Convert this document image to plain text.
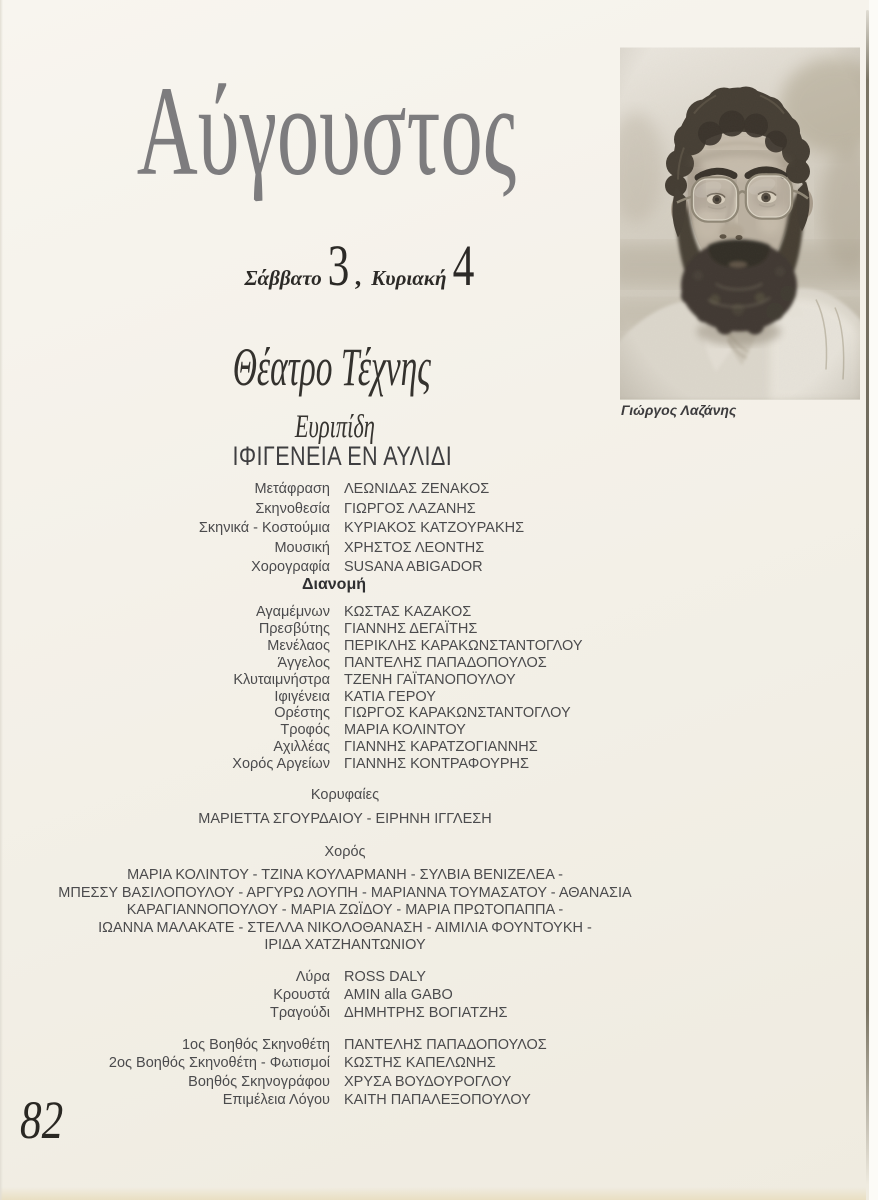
Αύγουστος
Σάββατο 3 , Κυριακή 4
Θέατρο Τέχνης
Ευριπίδη
ΙΦΙΓΕΝΕΙΑ ΕΝ ΑΥΛΙΔΙ
Μετάφραση ΛΕΩΝΙΔΑΣ ΖΕΝΑΚΟΣ
Σκηνοθεσία ΓΙΩΡΓΟΣ ΛΑΖΑΝΗΣ
Σκηνικά - Κοστούμια ΚΥΡΙΑΚΟΣ ΚΑΤΖΟΥΡΑΚΗΣ
Μουσική ΧΡΗΣΤΟΣ ΛΕΟΝΤΗΣ
Χορογραφία SUSANA ABIGADOR
Διανομή
Αγαμέμνων ΚΩΣΤΑΣ ΚΑΖΑΚΟΣ
Πρεσβύτης ΓΙΑΝΝΗΣ ΔΕΓΑΪΤΗΣ
Μενέλαος ΠΕΡΙΚΛΗΣ ΚΑΡΑΚΩΝΣΤΑΝΤΟΓΛΟΥ
Άγγελος ΠΑΝΤΕΛΗΣ ΠΑΠΑΔΟΠΟΥΛΟΣ
Κλυταιμνήστρα ΤΖΕΝΗ ΓΑΪΤΑΝΟΠΟΥΛΟΥ
Ιφιγένεια ΚΑΤΙΑ ΓΕΡΟΥ
Ορέστης ΓΙΩΡΓΟΣ ΚΑΡΑΚΩΝΣΤΑΝΤΟΓΛΟΥ
Τροφός ΜΑΡΙΑ ΚΟΛΙΝΤΟΥ
Αχιλλέας ΓΙΑΝΝΗΣ ΚΑΡΑΤΖΟΓΙΑΝΝΗΣ
Χορός Αργείων ΓΙΑΝΝΗΣ ΚΟΝΤΡΑΦΟΥΡΗΣ
Κορυφαίες
ΜΑΡΙΕΤΤΑ ΣΓΟΥΡΔΑΙΟΥ - ΕΙΡΗΝΗ ΙΓΓΛΕΣΗ
Χορός
ΜΑΡΙΑ ΚΟΛΙΝΤΟΥ - ΤΖΙΝΑ ΚΟΥΛΑΡΜΑΝΗ - ΣΥΛΒΙΑ ΒΕΝΙΖΕΛΕΑ -
ΜΠΕΣΣΥ ΒΑΣΙΛΟΠΟΥΛΟΥ - ΑΡΓΥΡΩ ΛΟΥΠΗ - ΜΑΡΙΑΝΝΑ ΤΟΥΜΑΣΑΤΟΥ - ΑΘΑΝΑΣΙΑ
ΚΑΡΑΓΙΑΝΝΟΠΟΥΛΟΥ - ΜΑΡΙΑ ΖΩΪΔΟΥ - ΜΑΡΙΑ ΠΡΩΤΟΠΑΠΠΑ -
ΙΩΑΝΝΑ ΜΑΛΑΚΑΤΕ - ΣΤΕΛΛΑ ΝΙΚΟΛΟΘΑΝΑΣΗ - ΑΙΜΙΛΙΑ ΦΟΥΝΤΟΥΚΗ -
ΙΡΙΔΑ ΧΑΤΖΗΑΝΤΩΝΙΟΥ
Λύρα ROSS DALY
Κρουστά AMIN alla GABO
Τραγούδι ΔΗΜΗΤΡΗΣ ΒΟΓΙΑΤΖΗΣ
1ος Βοηθός Σκηνοθέτη ΠΑΝΤΕΛΗΣ ΠΑΠΑΔΟΠΟΥΛΟΣ
2ος Βοηθός Σκηνοθέτη - Φωτισμοί ΚΩΣΤΗΣ ΚΑΠΕΛΩΝΗΣ
Βοηθός Σκηνογράφου ΧΡΥΣΑ ΒΟΥΔΟΥΡΟΓΛΟΥ
Επιμέλεια Λόγου ΚΑΙΤΗ ΠΑΠΑΛΕΞΟΠΟΥΛΟΥ
Γιώργος Λαζάνης
82
